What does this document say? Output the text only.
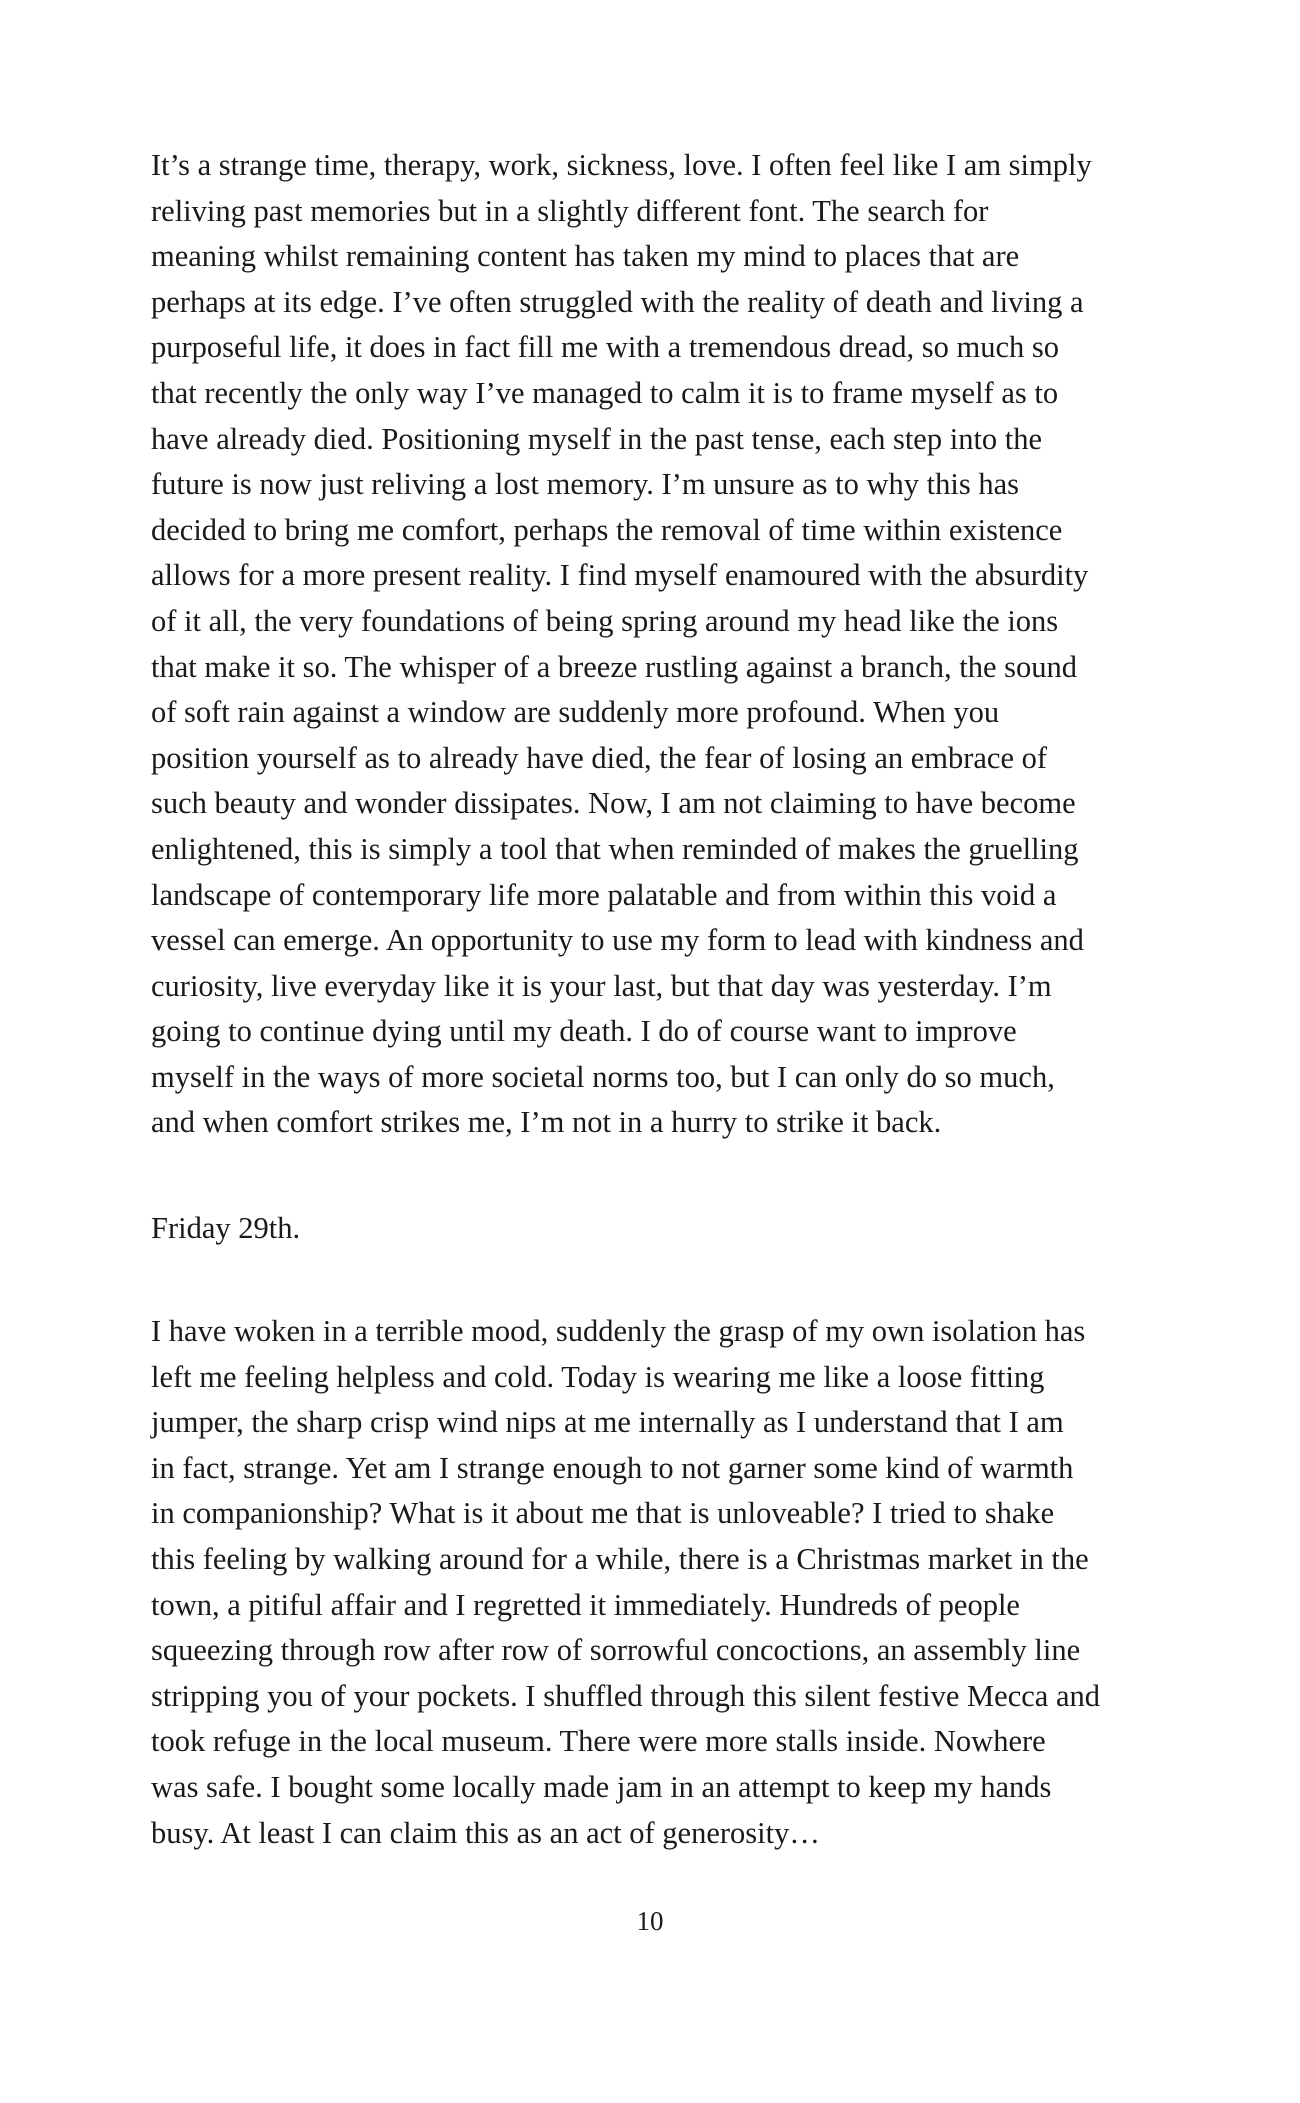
It’s a strange time, therapy, work, sickness, love. I often feel like I am simply
reliving past memories but in a slightly different font. The search for
meaning whilst remaining content has taken my mind to places that are
perhaps at its edge. I’ve often struggled with the reality of death and living a
purposeful life, it does in fact fill me with a tremendous dread, so much so
that recently the only way I’ve managed to calm it is to frame myself as to
have already died. Positioning myself in the past tense, each step into the
future is now just reliving a lost memory. I’m unsure as to why this has
decided to bring me comfort, perhaps the removal of time within existence
allows for a more present reality. I find myself enamoured with the absurdity
of it all, the very foundations of being spring around my head like the ions
that make it so. The whisper of a breeze rustling against a branch, the sound
of soft rain against a window are suddenly more profound. When you
position yourself as to already have died, the fear of losing an embrace of
such beauty and wonder dissipates. Now, I am not claiming to have become
enlightened, this is simply a tool that when reminded of makes the gruelling
landscape of contemporary life more palatable and from within this void a
vessel can emerge. An opportunity to use my form to lead with kindness and
curiosity, live everyday like it is your last, but that day was yesterday. I’m
going to continue dying until my death. I do of course want to improve
myself in the ways of more societal norms too, but I can only do so much,
and when comfort strikes me, I’m not in a hurry to strike it back.
Friday 29th.
I have woken in a terrible mood, suddenly the grasp of my own isolation has
left me feeling helpless and cold. Today is wearing me like a loose fitting
jumper, the sharp crisp wind nips at me internally as I understand that I am
in fact, strange. Yet am I strange enough to not garner some kind of warmth
in companionship? What is it about me that is unloveable? I tried to shake
this feeling by walking around for a while, there is a Christmas market in the
town, a pitiful affair and I regretted it immediately. Hundreds of people
squeezing through row after row of sorrowful concoctions, an assembly line
stripping you of your pockets. I shuffled through this silent festive Mecca and
took refuge in the local museum. There were more stalls inside. Nowhere
was safe. I bought some locally made jam in an attempt to keep my hands
busy. At least I can claim this as an act of generosity…
10
